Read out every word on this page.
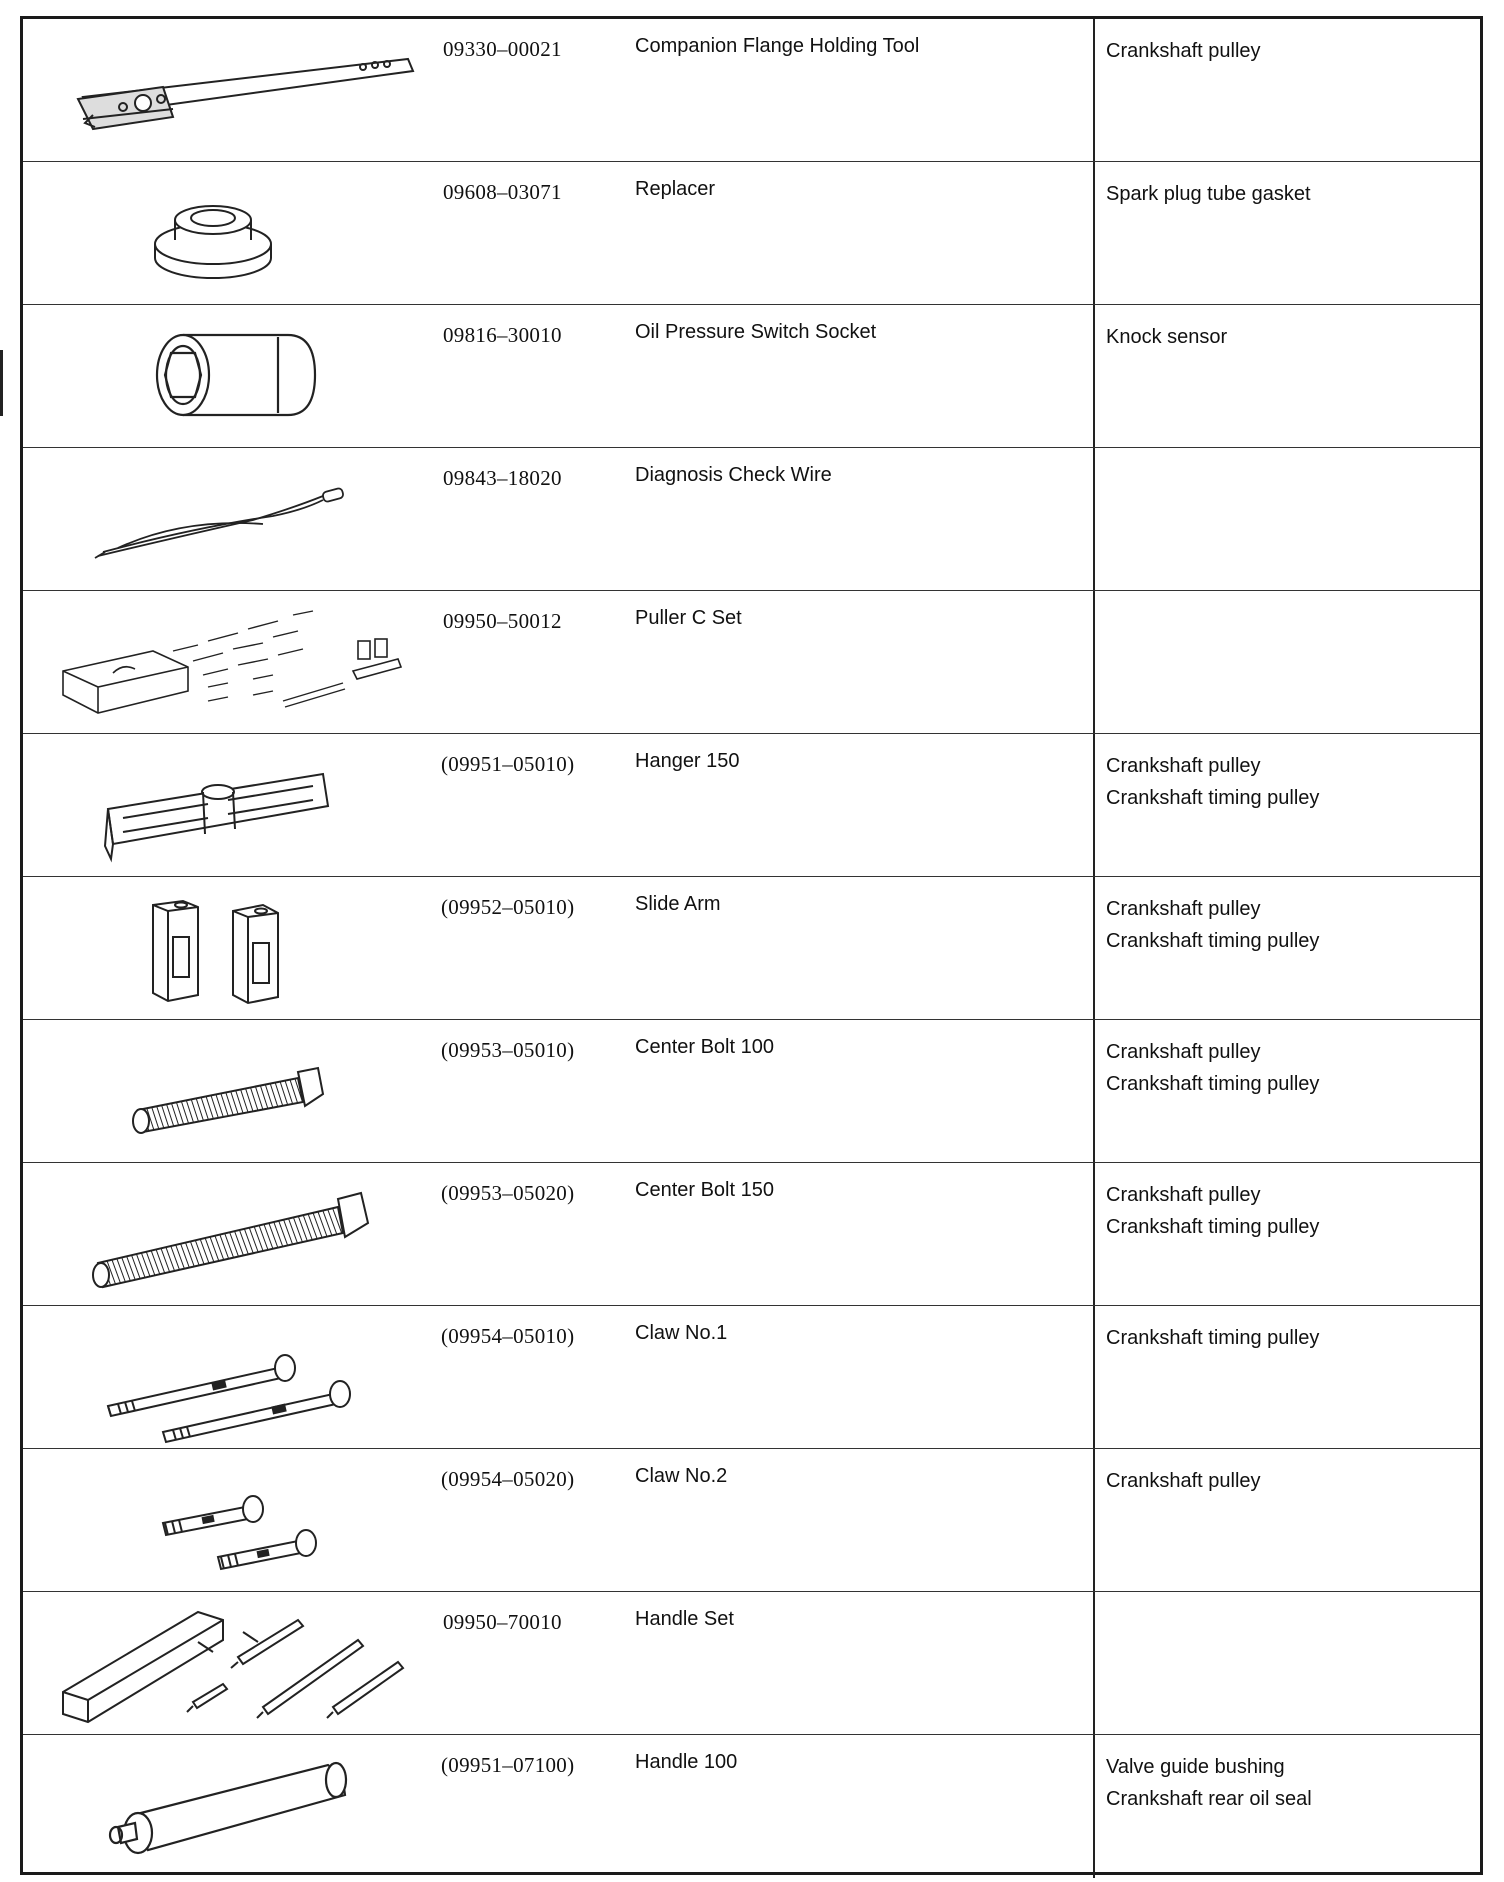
09330–00021	Companion Flange Holding Tool	Crankshaft pulley
09608–03071	Replacer	Spark plug tube gasket
09816–30010	Oil Pressure Switch Socket	Knock sensor
09843–18020	Diagnosis Check Wire
09950–50012	Puller C Set
(09951–05010)	Hanger 150	Crankshaft pulley
Crankshaft timing pulley
(09952–05010)	Slide Arm	Crankshaft pulley
Crankshaft timing pulley
(09953–05010)	Center Bolt 100	Crankshaft pulley
Crankshaft timing pulley
(09953–05020)	Center Bolt 150	Crankshaft pulley
Crankshaft timing pulley
(09954–05010)	Claw No.1	Crankshaft timing pulley
(09954–05020)	Claw No.2	Crankshaft pulley
09950–70010	Handle Set
(09951–07100)	Handle 100	Valve guide bushing
Crankshaft rear oil seal
